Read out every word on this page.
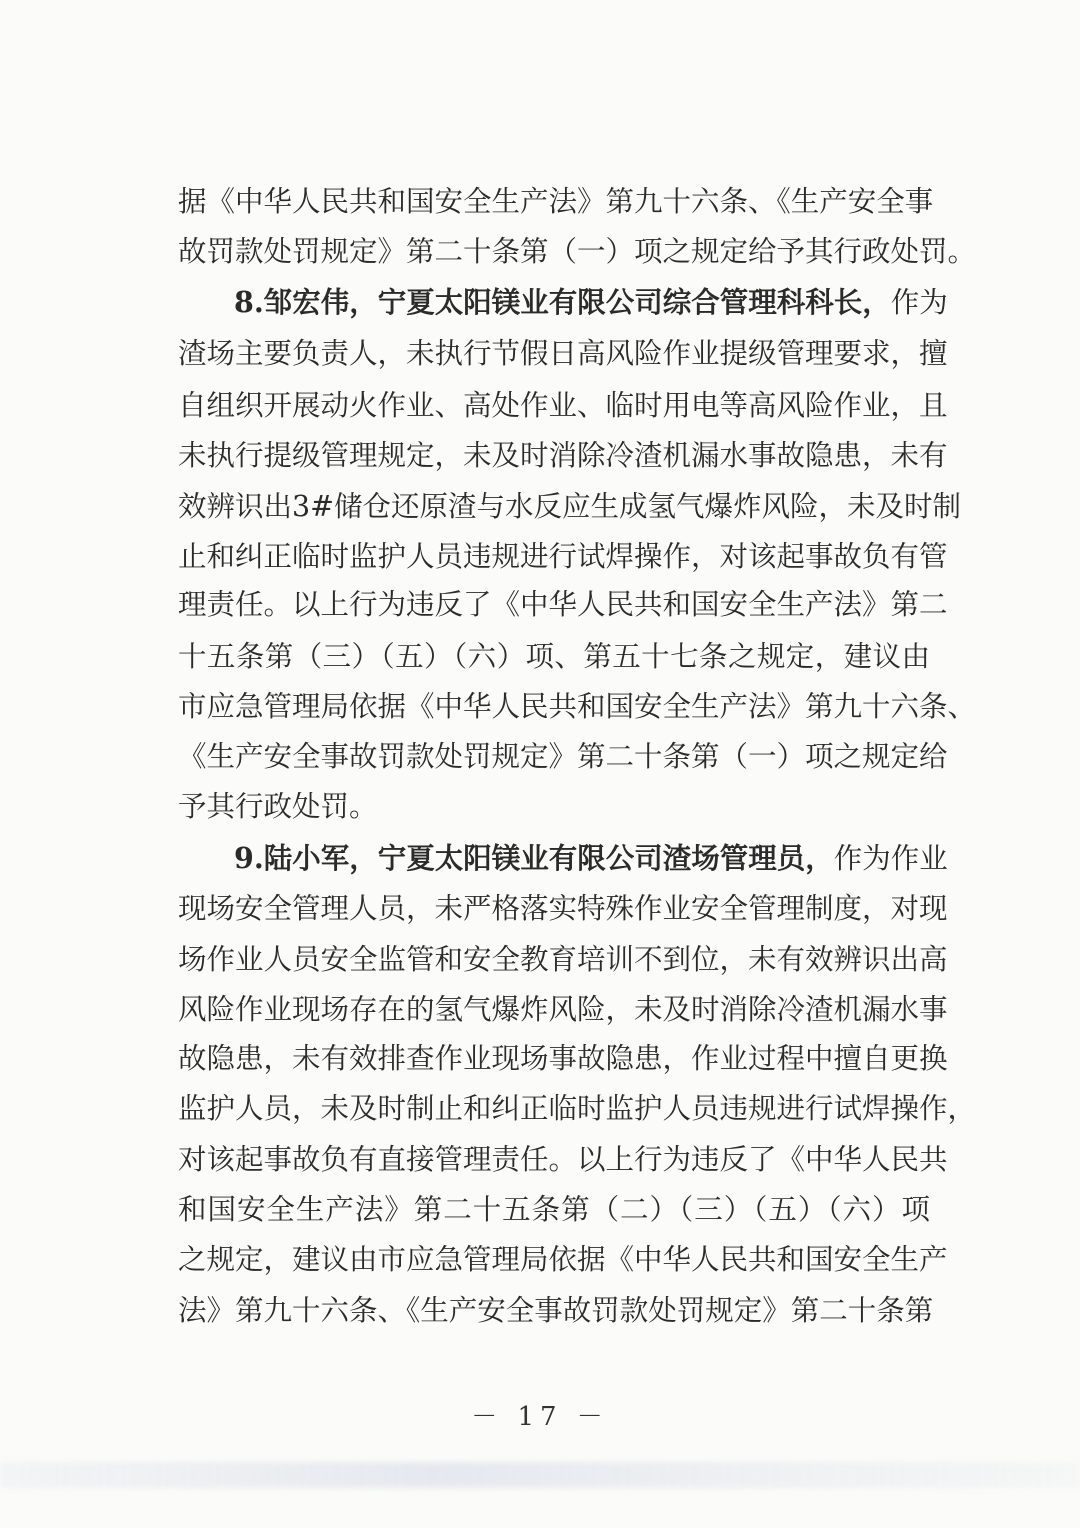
据《中华人民共和国安全生产法》第九十六条、《生产安全事
故罚款处罚规定》第二十条第（一）项之规定给予其行政处罚。
8.邹宏伟，宁夏太阳镁业有限公司综合管理科科长，作为
渣场主要负责人，未执行节假日高风险作业提级管理要求，擅
自组织开展动火作业、高处作业、临时用电等高风险作业，且
未执行提级管理规定，未及时消除冷渣机漏水事故隐患，未有
效辨识出3#储仓还原渣与水反应生成氢气爆炸风险，未及时制
止和纠正临时监护人员违规进行试焊操作，对该起事故负有管
理责任。以上行为违反了《中华人民共和国安全生产法》第二
十五条第（三）（五）（六）项、第五十七条之规定，建议由
市应急管理局依据《中华人民共和国安全生产法》第九十六条、
《生产安全事故罚款处罚规定》第二十条第（一）项之规定给
予其行政处罚。
9.陆小军，宁夏太阳镁业有限公司渣场管理员，作为作业
现场安全管理人员，未严格落实特殊作业安全管理制度，对现
场作业人员安全监管和安全教育培训不到位，未有效辨识出高
风险作业现场存在的氢气爆炸风险，未及时消除冷渣机漏水事
故隐患，未有效排查作业现场事故隐患，作业过程中擅自更换
监护人员，未及时制止和纠正临时监护人员违规进行试焊操作，
对该起事故负有直接管理责任。以上行为违反了《中华人民共
和国安全生产法》第二十五条第（二）（三）（五）（六）项
之规定，建议由市应急管理局依据《中华人民共和国安全生产
法》第九十六条、《生产安全事故罚款处罚规定》第二十条第
－ 17 －
